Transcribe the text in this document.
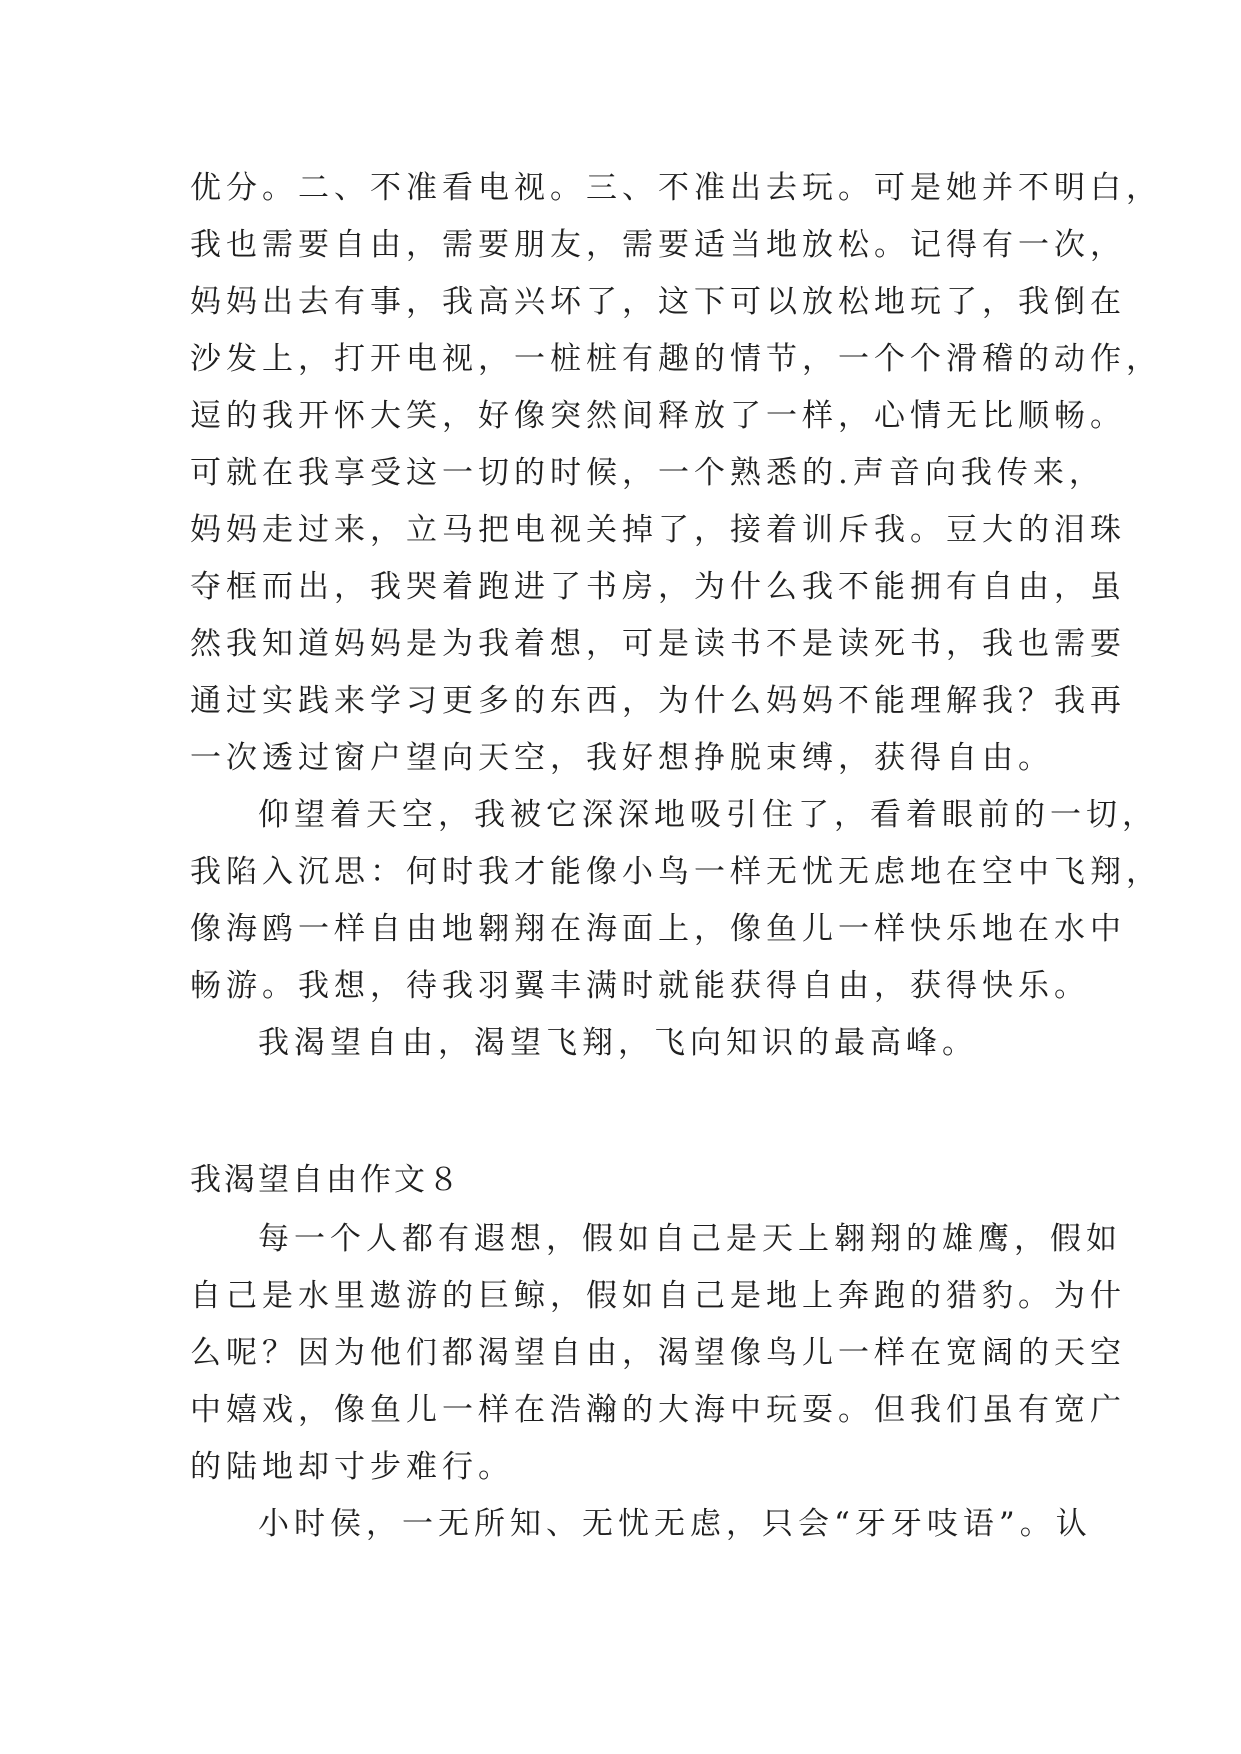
优分。二、不准看电视。三、不准出去玩。可是她并不明白，
我也需要自由，需要朋友，需要适当地放松。记得有一次，
妈妈出去有事，我高兴坏了，这下可以放松地玩了，我倒在
沙发上，打开电视，一桩桩有趣的情节，一个个滑稽的动作，
逗的我开怀大笑，好像突然间释放了一样，心情无比顺畅。
可就在我享受这一切的时候，一个熟悉的.声音向我传来，
妈妈走过来，立马把电视关掉了，接着训斥我。豆大的泪珠
夺框而出，我哭着跑进了书房，为什么我不能拥有自由，虽
然我知道妈妈是为我着想，可是读书不是读死书，我也需要
通过实践来学习更多的东西，为什么妈妈不能理解我？我再
一次透过窗户望向天空，我好想挣脱束缚，获得自由。
仰望着天空，我被它深深地吸引住了，看着眼前的一切，
我陷入沉思：何时我才能像小鸟一样无忧无虑地在空中飞翔，
像海鸥一样自由地翱翔在海面上，像鱼儿一样快乐地在水中
畅游。我想，待我羽翼丰满时就能获得自由，获得快乐。
我渴望自由，渴望飞翔，飞向知识的最高峰。
我渴望自由作文８
每一个人都有遐想，假如自己是天上翱翔的雄鹰，假如
自己是水里遨游的巨鲸，假如自己是地上奔跑的猎豹。为什
么呢？因为他们都渴望自由，渴望像鸟儿一样在宽阔的天空
中嬉戏，像鱼儿一样在浩瀚的大海中玩耍。但我们虽有宽广
的陆地却寸步难行。
小时侯，一无所知、无忧无虑，只会“牙牙吱语”。认
